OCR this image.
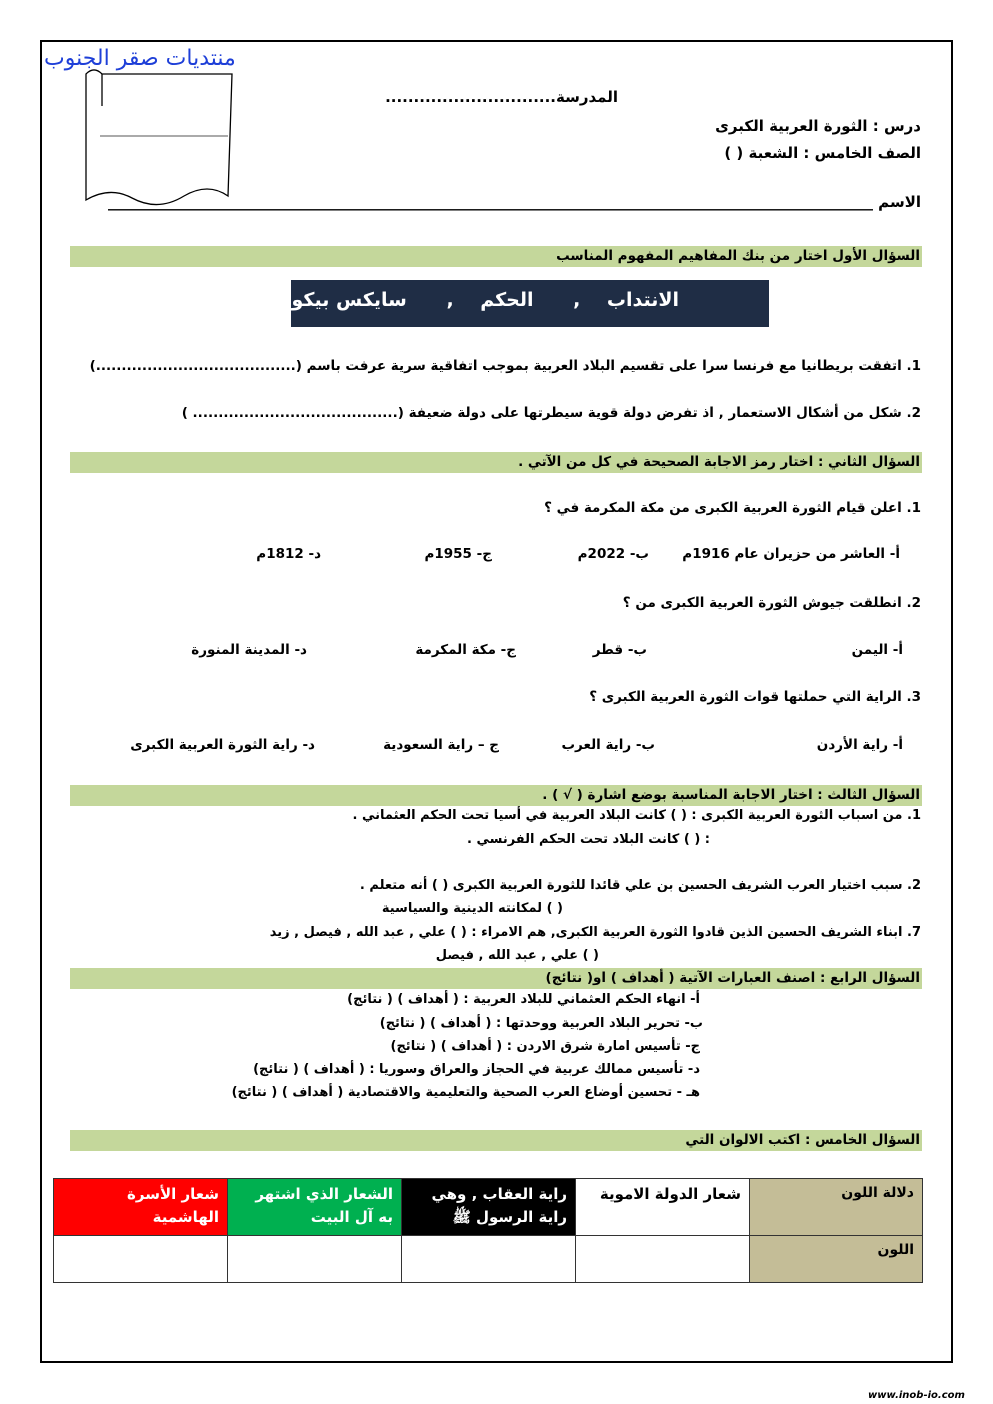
منتديات صقر الجنوب
المدرسة..............................
درس : الثورة العربية الكبرى
الصف الخامس : الشعبة ( )
الاسم ______________________________________________________________________________________________________
السؤال الأول اختار من بنك المفاهيم المفهوم المناسب
الانتداب    ,      الحكم    ,      سايكس بيكو
1. اتفقت بريطانيا مع فرنسا سرا على تقسيم البلاد العربية بموجب اتفاقية سرية عرفت باسم (.......................................)
2. شكل من أشكال الاستعمار , اذ تفرض دولة قوية سيطرتها على دولة ضعيفة (........................................ )
السؤال الثاني : اختار رمز الاجابة الصحيحة في كل من الآتي .
1. اعلن قيام الثورة العربية الكبرى من مكة المكرمة في ؟
أ- العاشر من حزيران عام 1916م
ب- 2022م
ج- 1955م
د- 1812م
2. انطلقت جيوش الثورة العربية الكبرى من ؟
أ- اليمن
ب- قطر
ج- مكة المكرمة
د- المدينة المنورة
3. الراية التي حملتها قوات الثورة العربية الكبرى ؟
أ- راية الأردن
ب- راية العرب
ج – راية السعودية
د- راية الثورة العربية الكبرى
السؤال الثالث : اختار الاجابة المناسبة بوضع اشارة ( √ ) .
1. من اسباب الثورة العربية الكبرى : ( ) كانت البلاد العربية في أسيا تحت الحكم العثماني .
: ( ) كانت البلاد تحت الحكم الفرنسي .
2. سبب اختيار العرب الشريف الحسين بن علي قائدا للثورة العربية الكبرى ( ) أنه متعلم .
( ) لمكانته الدينية والسياسية
7. ابناء الشريف الحسين الذين قادوا الثورة العربية الكبرى, هم الامراء : ( ) علي , عبد الله , فيصل , زيد
( ) علي , عبد الله , فيصل
السؤال الرابع : اصنف العبارات الآتية ( أهداف ) او( نتائج)
أ- انهاء الحكم العثماني للبلاد العربية : ( أهداف ) ( نتائج)
ب- تحرير البلاد العربية ووحدتها : ( أهداف ) ( نتائج)
ج- تأسيس امارة شرق الاردن : ( أهداف ) ( نتائج)
د- تأسيس ممالك عربية في الحجاز والعراق وسوريا : ( أهداف ) ( نتائج)
هـ - تحسين أوضاع العرب الصحية والتعليمية والاقتصادية ( أهداف ) ( نتائج)
السؤال الخامس : اكتب الالوان التي
دلالة اللون	شعار الدولة الاموية	راية العقاب , وهي راية الرسول ﷺ	الشعار الذي اشتهر به آل البيت	شعار الأسرة الهاشمية
اللون				
www.inob-io.com
